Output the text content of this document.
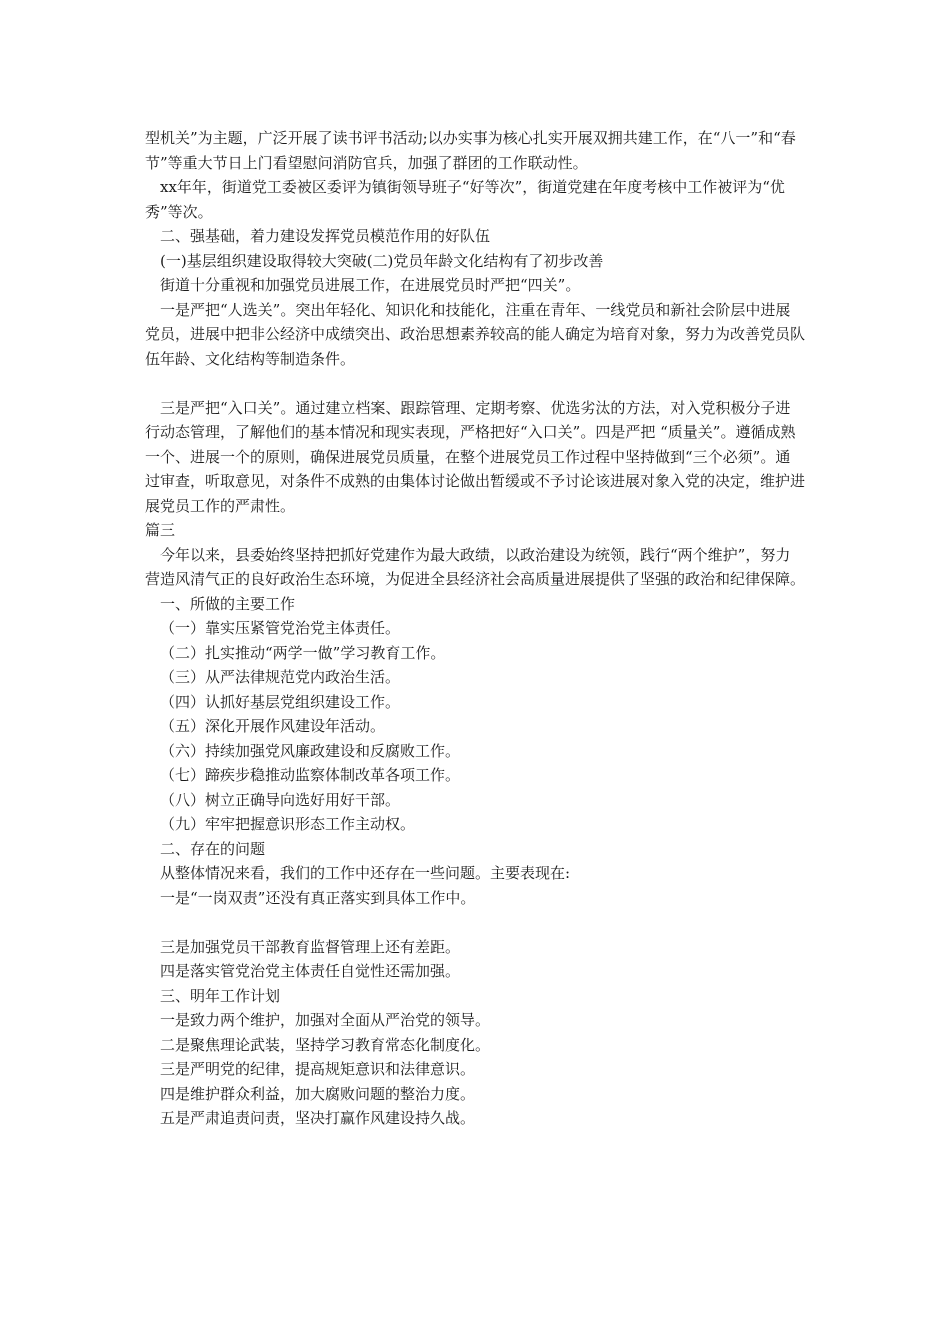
型机关”为主题，广泛开展了读书评书活动;以办实事为核心扎实开展双拥共建工作，在“八一”和“春节”等重大节日上门看望慰问消防官兵，加强了群团的工作联动性。

xx年年，街道党工委被区委评为镇街领导班子“好等次”，街道党建在年度考核中工作被评为“优秀”等次。

二、强基础，着力建设发挥党员模范作用的好队伍

(一)基层组织建设取得较大突破(二)党员年龄文化结构有了初步改善

街道十分重视和加强党员进展工作，在进展党员时严把“四关”。

一是严把“人选关”。突出年轻化、知识化和技能化，注重在青年、一线党员和新社会阶层中进展党员，进展中把非公经济中成绩突出、政治思想素养较高的能人确定为培育对象，努力为改善党员队伍年龄、文化结构等制造条件。

三是严把“入口关”。通过建立档案、跟踪管理、定期考察、优选劣汰的方法，对入党积极分子进行动态管理，了解他们的基本情况和现实表现，严格把好“入口关”。四是严把 “质量关”。遵循成熟一个、进展一个的原则，确保进展党员质量，在整个进展党员工作过程中坚持做到“三个必须”。通过审查，听取意见，对条件不成熟的由集体讨论做出暂缓或不予讨论该进展对象入党的决定，维护进展党员工作的严肃性。

篇三

今年以来，县委始终坚持把抓好党建作为最大政绩，以政治建设为统领，践行“两个维护”，努力营造风清气正的良好政治生态环境，为促进全县经济社会高质量进展提供了坚强的政治和纪律保障。

一、所做的主要工作

（一）靠实压紧管党治党主体责任。

（二）扎实推动“两学一做”学习教育工作。

（三）从严法律规范党内政治生活。

（四）认抓好基层党组织建设工作。

（五）深化开展作风建设年活动。

（六）持续加强党风廉政建设和反腐败工作。

（七）蹄疾步稳推动监察体制改革各项工作。

（八）树立正确导向选好用好干部。

（九）牢牢把握意识形态工作主动权。

二、存在的问题

从整体情况来看，我们的工作中还存在一些问题。主要表现在:

一是“一岗双责”还没有真正落实到具体工作中。

三是加强党员干部教育监督管理上还有差距。

四是落实管党治党主体责任自觉性还需加强。

三、明年工作计划

一是致力两个维护，加强对全面从严治党的领导。

二是聚焦理论武装，坚持学习教育常态化制度化。

三是严明党的纪律，提高规矩意识和法律意识。

四是维护群众利益，加大腐败问题的整治力度。

五是严肃追责问责，坚决打赢作风建设持久战。
